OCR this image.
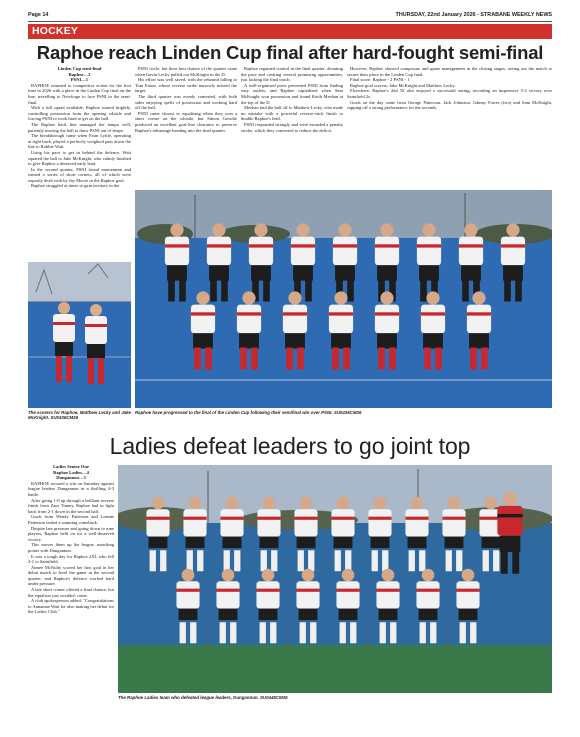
Page 14	THURSDAY, 22nd January 2026 - STRABANE WEEKLY NEWS
HOCKEY
Raphoe reach Linden Cup final after hard-fought semi-final

Linden Cup semi-final

Raphoe…2

PSNI…1

RAPHOE returned to competitive action for the first time in 2026 with a place in the Linden Cup final on the line, travelling to Newforge to face PSNI in the semi-final.

With a full squad available, Raphoe started brightly, controlling possession from the opening whistle and forcing PSNI to work hard to get on the ball.

The Raphoe back line managed the tempo well, patiently moving the ball to draw PSNI out of shape.

The breakthrough came when Evan Lyttle, operating at right back, played a perfectly weighted pass down the line to Robbie Watt.

Using his pace to get in behind the defence, Watt squared the ball to Jake McKnight, who calmly finished to give Raphoe a deserved early lead.

In the second quarter, PSNI found momentum and earned a series of short corners, all of which were expertly dealt with by Jay Moore in the Raphoe goal.

Raphoe struggled at times to gain territory in the

PSNI circle, but their best chance of the quarter came when Gavin Lecky pulled out McKnight in the D.

His effort was well saved, with the rebound falling to Tom Eaton, whose reverse strike narrowly missed the target.

The third quarter was evenly contested, with both sides enjoying spells of possession and working hard off the ball.

PSNI came closest to equalising when they won a short corner on the whistle, but Simon Gowdie produced an excellent goal-line clearance to preserve Raphoe's advantage heading into the final quarter.

Raphoe regained control in the final quarter, dictating the pace and creating several promising opportunities, just lacking the final touch.

A well-organised press prevented PSNI from finding easy outlets, and Raphoe capitalised when Sam McKnight won possession and found Keith Meehan at the top of the D.

Meehan laid the ball off to Matthew Lecky, who made no mistake with a powerful reverse-stick finish to double Raphoe's lead.

PSNI responded strongly and were awarded a penalty stroke, which they converted to reduce the deficit.

However, Raphoe showed composure and game management in the closing stages, seeing out the match to secure their place in the Linden Cup final.

Final score: Raphoe - 2 PSNI - 1

Raphoe goal scorers: Jake McKnight and Matthew Lecky.

Elsewhere, Raphoe's 2nd XI also enjoyed a successful outing, recording an impressive 5-2 victory over Saintfield 2s.

Goals on the day came from George Patterson, Jack Johnston, Johnny Fortes (two) and Sam McKnight, capping off a strong performance for the seconds.

The scorers for Raphoe, Matthew Lecky and Jake McKnight. SU0436CM26
Raphoe have progressed to the final of the Linden Cup following their semifinal win over PSNI. SU0435CM26
Ladies defeat leaders to go joint top

Ladies Senior One

Raphoe Ladies…4

Dungannon…3

RAPHOE secured a win on Saturday against league leaders Dungannon in a thrilling 4-3 battle.

After going 1-0 up through a brilliant reverse finish from Zara Tinney, Raphoe had to fight back from 2-1 down in the second half.

Goals from Wendy Patterson and Leanne Patterson sealed a stunning comeback.

Despite late pressure and going down to nine players, Raphoe held on for a well-deserved victory.

This moves them up the league, matching points with Dungannon.

It was a tough day for Raphoe 2XI, who fell 2-1 to Saintfield.

Aimee McNulty scored her first goal in her debut match to level the game in the second quarter, and Raphoe's defence worked hard under pressure.

A late short corner offered a final chance, but the equaliser just wouldn't come.

A club spokesperson added: "Congratulations to Annamae Watt for also making her debut for the Ladies Club."

The Raphoe Ladies team who defeated league leaders, Dungannon. SU0448CM26
